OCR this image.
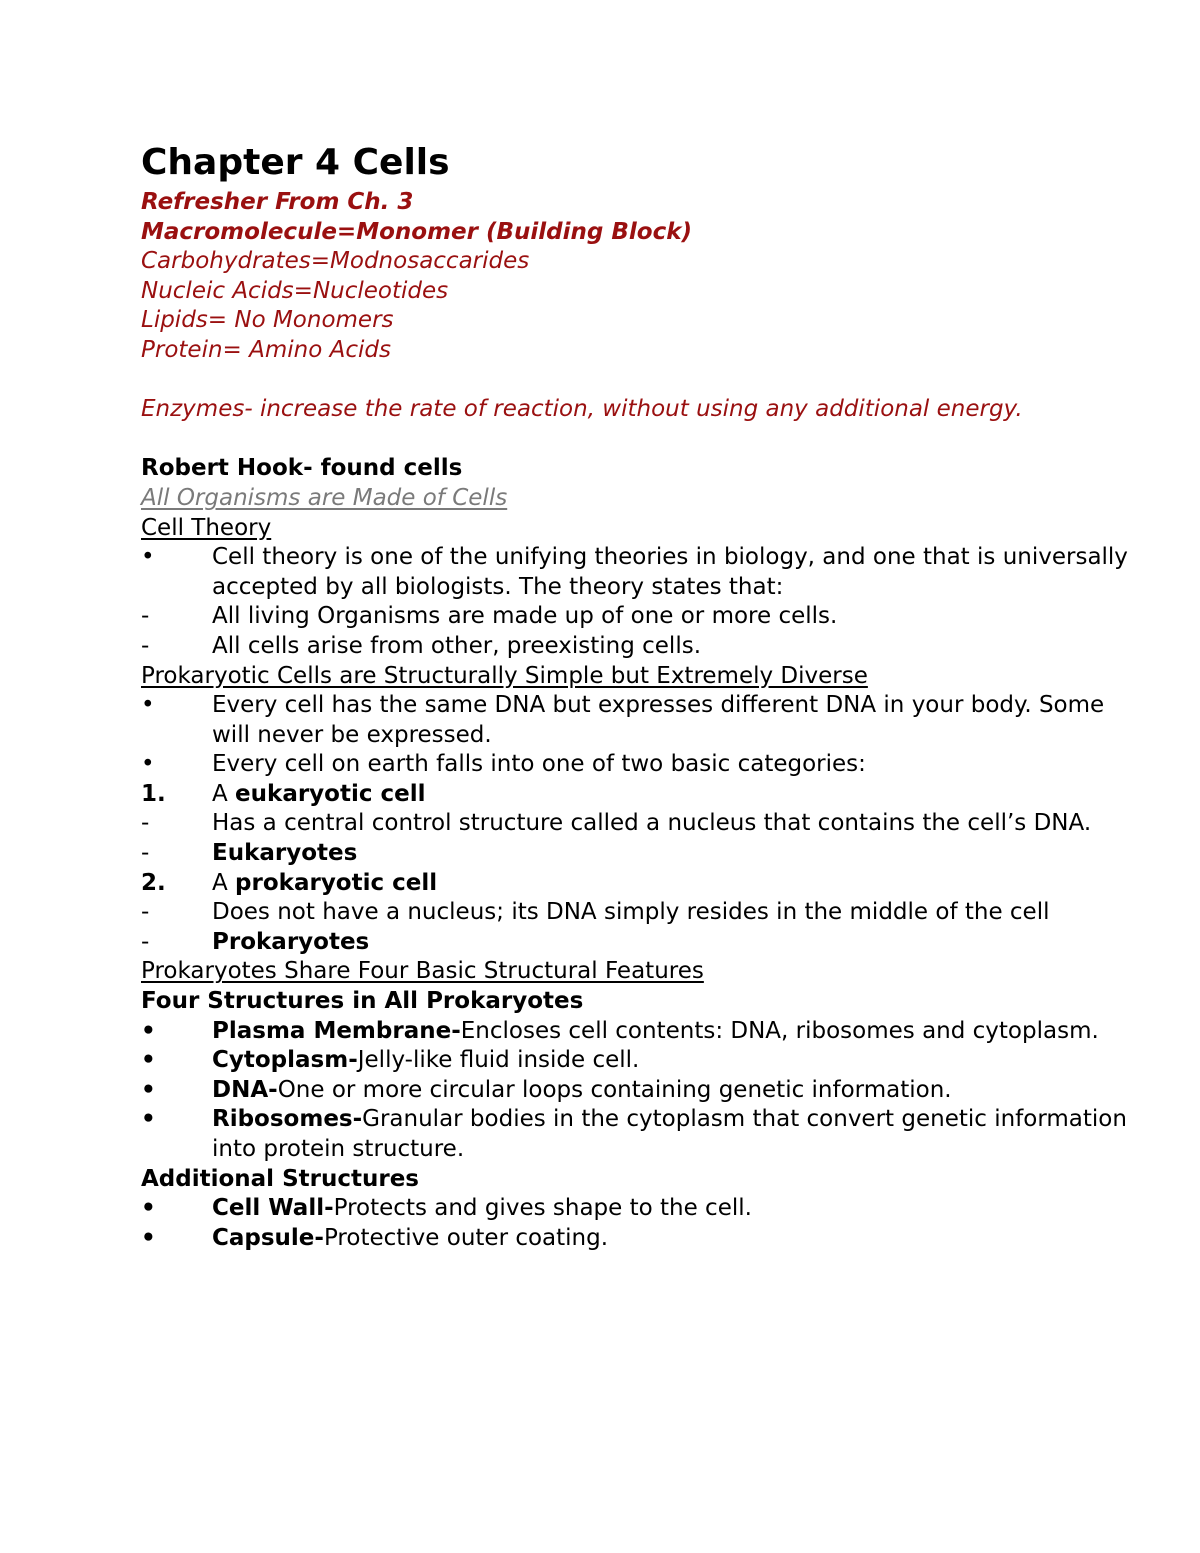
Chapter 4 Cells

Refresher From Ch. 3

Macromolecule=Monomer (Building Block)

Carbohydrates=Modnosaccarides

Nucleic Acids=Nucleotides

Lipids= No Monomers

Protein= Amino Acids

Enzymes- increase the rate of reaction, without using any additional energy.

Robert Hook- found cells

All Organisms are Made of Cells

Cell Theory

• Cell theory is one of the unifying theories in biology, and one that is universally accepted by all biologists. The theory states that:

-	All living Organisms are made up of one or more cells.

-	All cells arise from other, preexisting cells.

Prokaryotic Cells are Structurally Simple but Extremely Diverse

• Every cell has the same DNA but expresses different DNA in your body. Some will never be expressed.

• Every cell on earth falls into one of two basic categories:

1. A eukaryotic cell

-	Has a central control structure called a nucleus that contains the cell’s DNA.

-	Eukaryotes

2. A prokaryotic cell

-	Does not have a nucleus; its DNA simply resides in the middle of the cell

-	Prokaryotes

Prokaryotes Share Four Basic Structural Features

Four Structures in All Prokaryotes

• Plasma Membrane-Encloses cell contents: DNA, ribosomes and cytoplasm.

• Cytoplasm-Jelly-like fluid inside cell.

• DNA-One or more circular loops containing genetic information.

• Ribosomes-Granular bodies in the cytoplasm that convert genetic information into protein structure.

Additional Structures

• Cell Wall-Protects and gives shape to the cell.

• Capsule-Protective outer coating.
